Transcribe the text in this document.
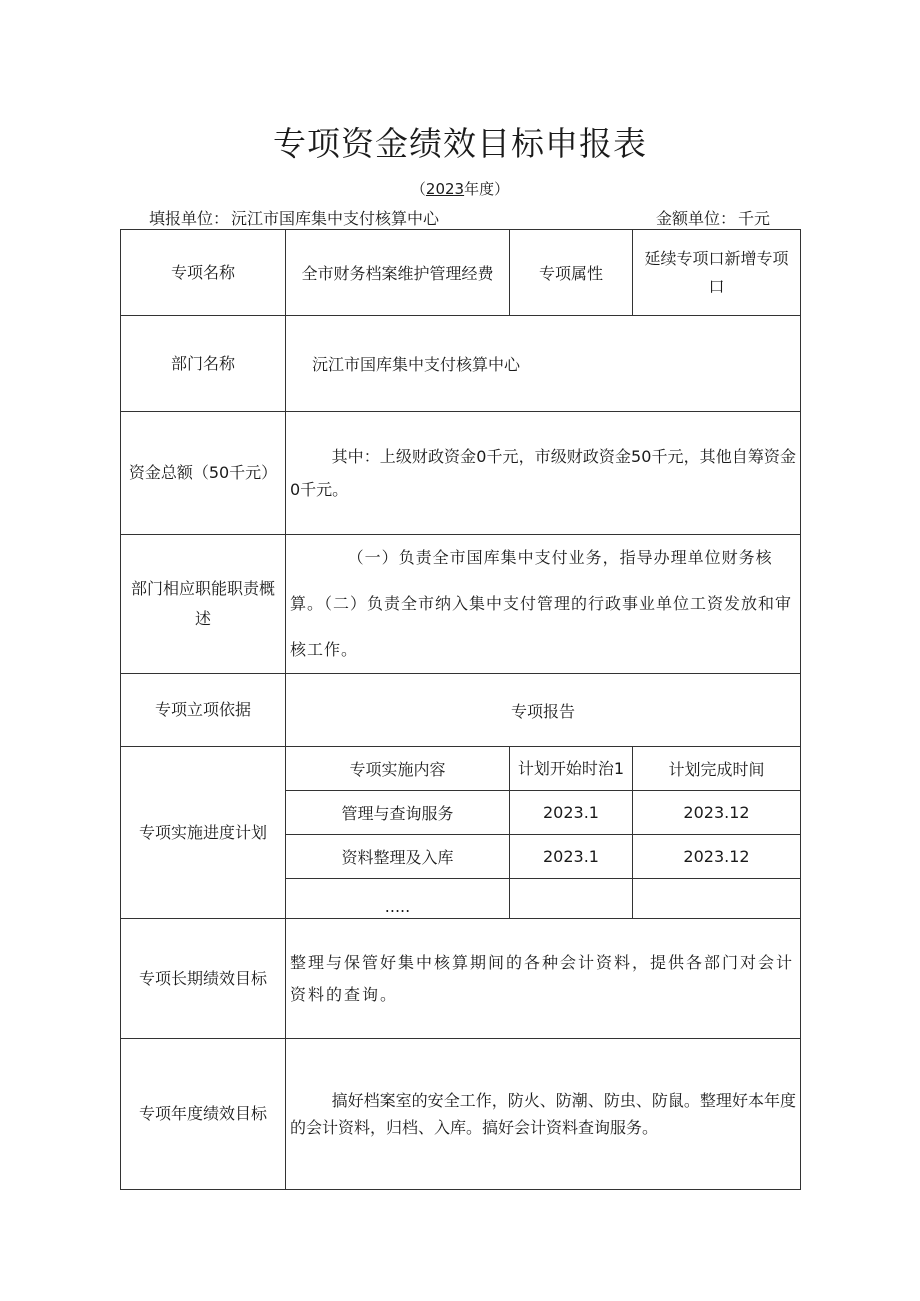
专项资金绩效目标申报表
（2023年度）
填报单位： 沅江市国库集中支付核算中心	金额单位： 千元
专项名称	全市财务档案维护管理经费	专项属性	延续专项口新增专项口
部门名称	沅江市国库集中支付核算中心		
资金总额（50千元）	其中：上级财政资金0千元，市级财政资金50千元，其他自筹资金0千元。		
部门相应职能职责概述	（一）负责全市国库集中支付业务，指导办理单位财务核算。（二）负责全市纳入集中支付管理的行政事业单位工资发放和审核工作。		
专项立项依据	专项报告		
专项实施进度计划	专项实施内容	计划开始时治1	计划完成时间
	管理与查询服务	2023.1	2023.12
	资料整理及入库	2023.1	2023.12
	.....		
专项长期绩效目标	整理与保管好集中核算期间的各种会计资料，提供各部门对会计资料的查询。		
专项年度绩效目标	搞好档案室的安全工作，防火、防潮、防虫、防鼠。整理好本年度的会计资料，归档、入库。搞好会计资料查询服务。		
